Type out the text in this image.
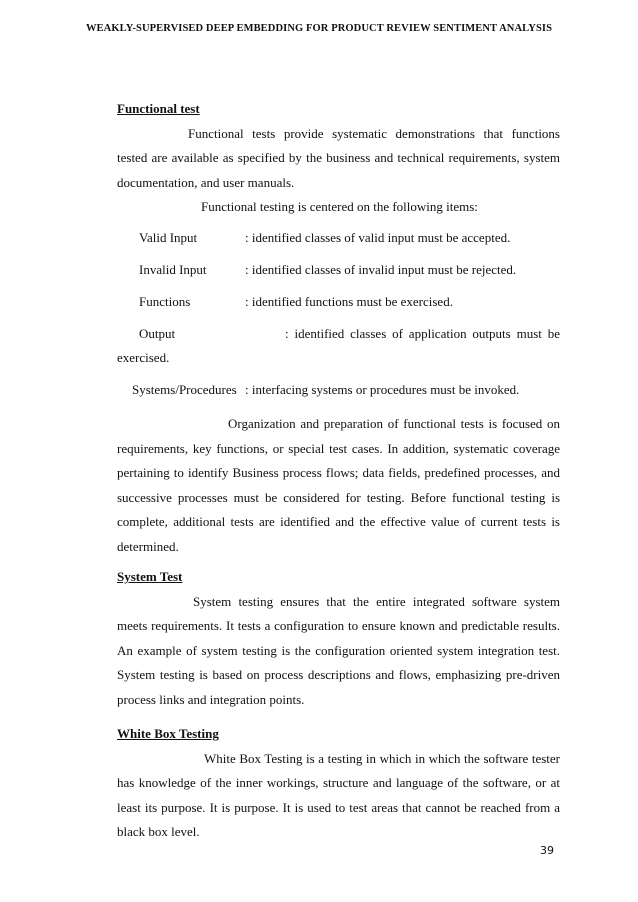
WEAKLY-SUPERVISED DEEP EMBEDDING FOR PRODUCT REVIEW SENTIMENT ANALYSIS

Functional test

Functional tests provide systematic demonstrations that functions tested are available as specified by the business and technical requirements, system documentation, and user manuals.

Functional testing is centered on the following items:

Valid Input	: identified classes of valid input must be accepted.
Invalid Input	: identified classes of invalid input must be rejected.
Functions	: identified functions must be exercised.
Output	: identified classes of application outputs must be

exercised.

Systems/Procedures : interfacing systems or procedures must be invoked.

Organization and preparation of functional tests is focused on requirements, key functions, or special test cases. In addition, systematic coverage pertaining to identify Business process flows; data fields, predefined processes, and successive processes must be considered for testing. Before functional testing is complete, additional tests are identified and the effective value of current tests is determined.

System Test

System testing ensures that the entire integrated software system meets requirements. It tests a configuration to ensure known and predictable results. An example of system testing is the configuration oriented system integration test. System testing is based on process descriptions and flows, emphasizing pre-driven process links and integration points.

White Box Testing

White Box Testing is a testing in which in which the software tester has knowledge of the inner workings, structure and language of the software, or at least its purpose. It is purpose. It is used to test areas that cannot be reached from a black box level.

39
